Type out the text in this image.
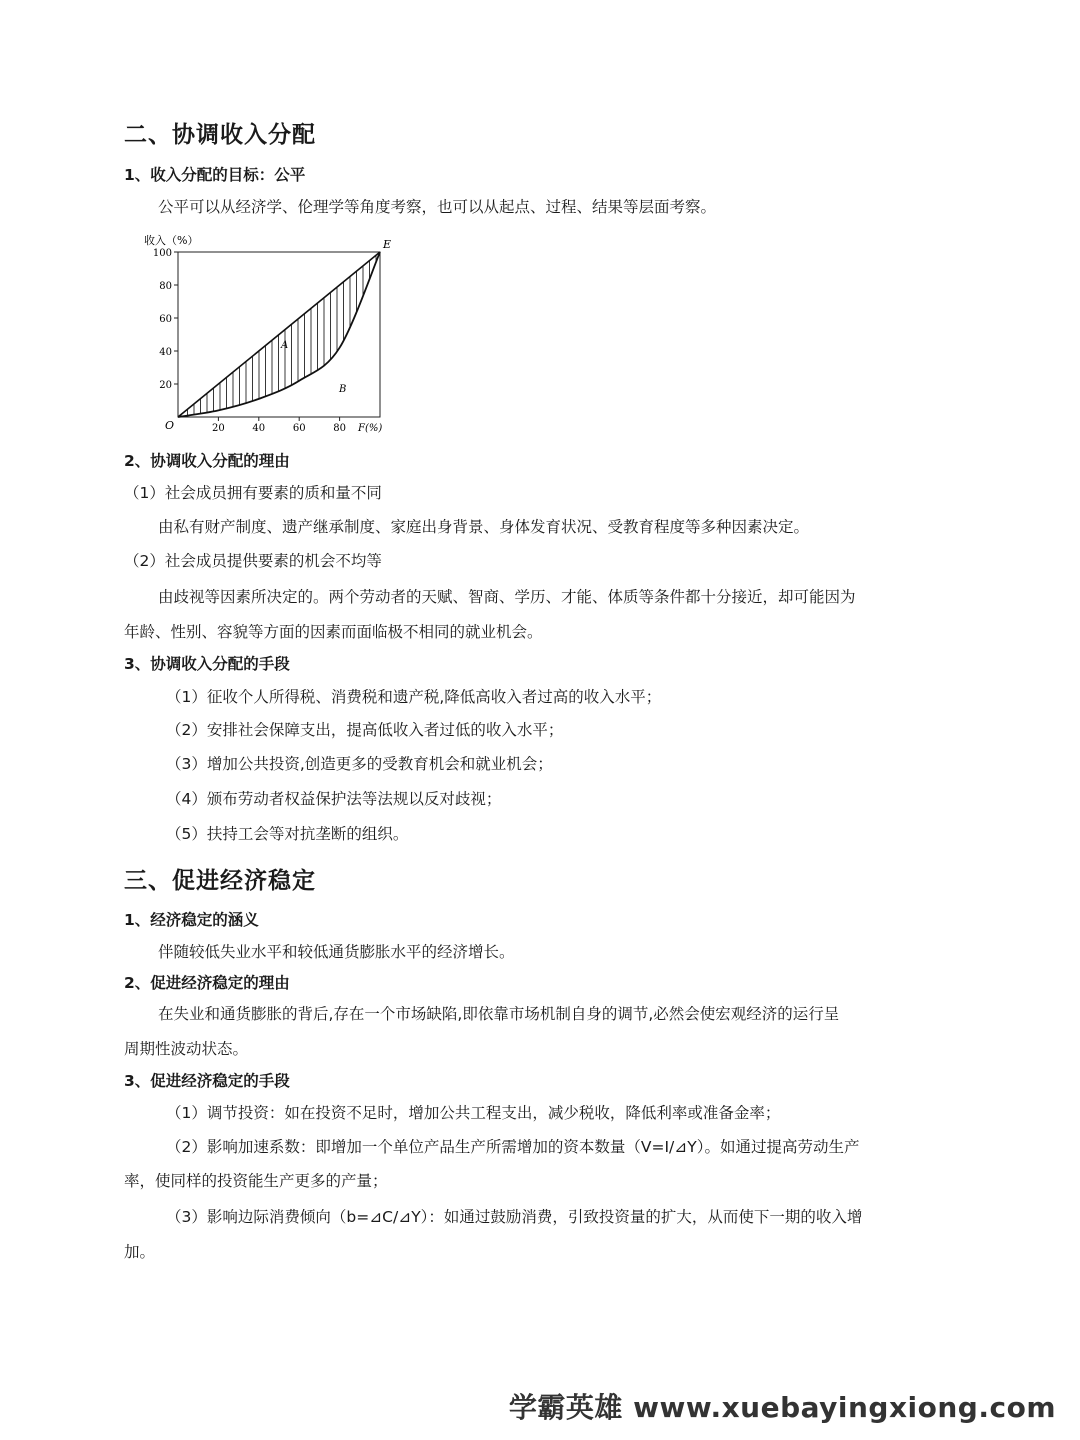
二、协调收入分配

1、收入分配的目标：公平

公平可以从经济学、伦理学等角度考察，也可以从起点、过程、结果等层面考察。

收入（%）
100
80
60
40
20
20	40	60	80
O
E
A
B
F(%)

2、协调收入分配的理由

（1）社会成员拥有要素的质和量不同

由私有财产制度、遗产继承制度、家庭出身背景、身体发育状况、受教育程度等多种因素决定。

（2）社会成员提供要素的机会不均等

由歧视等因素所决定的。两个劳动者的天赋、智商、学历、才能、体质等条件都十分接近，却可能因为

年龄、性别、容貌等方面的因素而面临极不相同的就业机会。

3、协调收入分配的手段

（1）征收个人所得税、消费税和遗产税,降低高收入者过高的收入水平；

（2）安排社会保障支出，提高低收入者过低的收入水平；

（3）增加公共投资,创造更多的受教育机会和就业机会；

（4）颁布劳动者权益保护法等法规以反对歧视；

（5）扶持工会等对抗垄断的组织。

三、促进经济稳定

1、经济稳定的涵义

伴随较低失业水平和较低通货膨胀水平的经济增长。

2、促进经济稳定的理由

在失业和通货膨胀的背后,存在一个市场缺陷,即依靠市场机制自身的调节,必然会使宏观经济的运行呈

周期性波动状态。

3、促进经济稳定的手段

（1）调节投资：如在投资不足时，增加公共工程支出，减少税收，降低利率或准备金率；

（2）影响加速系数：即增加一个单位产品生产所需增加的资本数量（V=I/⊿Y）。如通过提高劳动生产

率，使同样的投资能生产更多的产量；

（3）影响边际消费倾向（b=⊿C/⊿Y）：如通过鼓励消费，引致投资量的扩大，从而使下一期的收入增

加。

学霸英雄 www.xuebayingxiong.com
